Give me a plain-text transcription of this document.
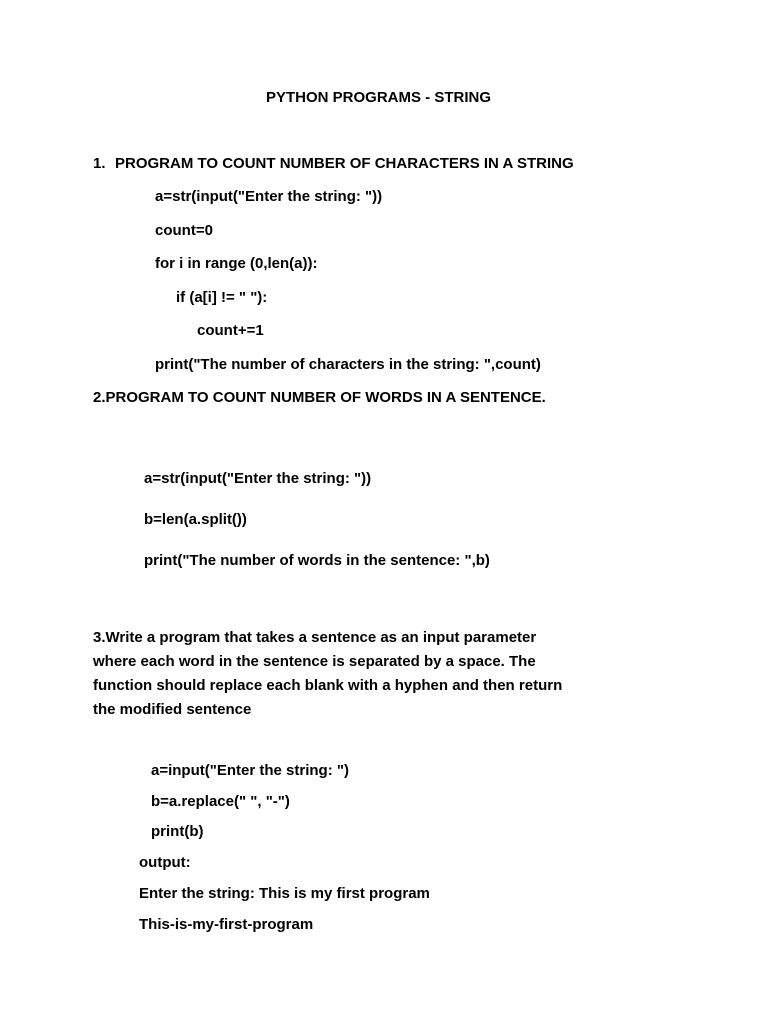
PYTHON PROGRAMS - STRING
1. PROGRAM TO COUNT NUMBER OF CHARACTERS IN A STRING
a=str(input("Enter the string: "))
count=0
for i in range (0,len(a)):
if (a[i] != " "):
count+=1
print("The number of characters in the string: ",count)
2.PROGRAM TO COUNT NUMBER OF WORDS IN A SENTENCE.
a=str(input("Enter the string: "))
b=len(a.split())
print("The number of words in the sentence: ",b)
3.Write a program that takes a sentence as an input parameter
where each word in the sentence is separated by a space. The
function should replace each blank with a hyphen and then return
the modified sentence
a=input("Enter the string: ")
b=a.replace(" ", "-")
print(b)
output:
Enter the string: This is my first program
This-is-my-first-program
